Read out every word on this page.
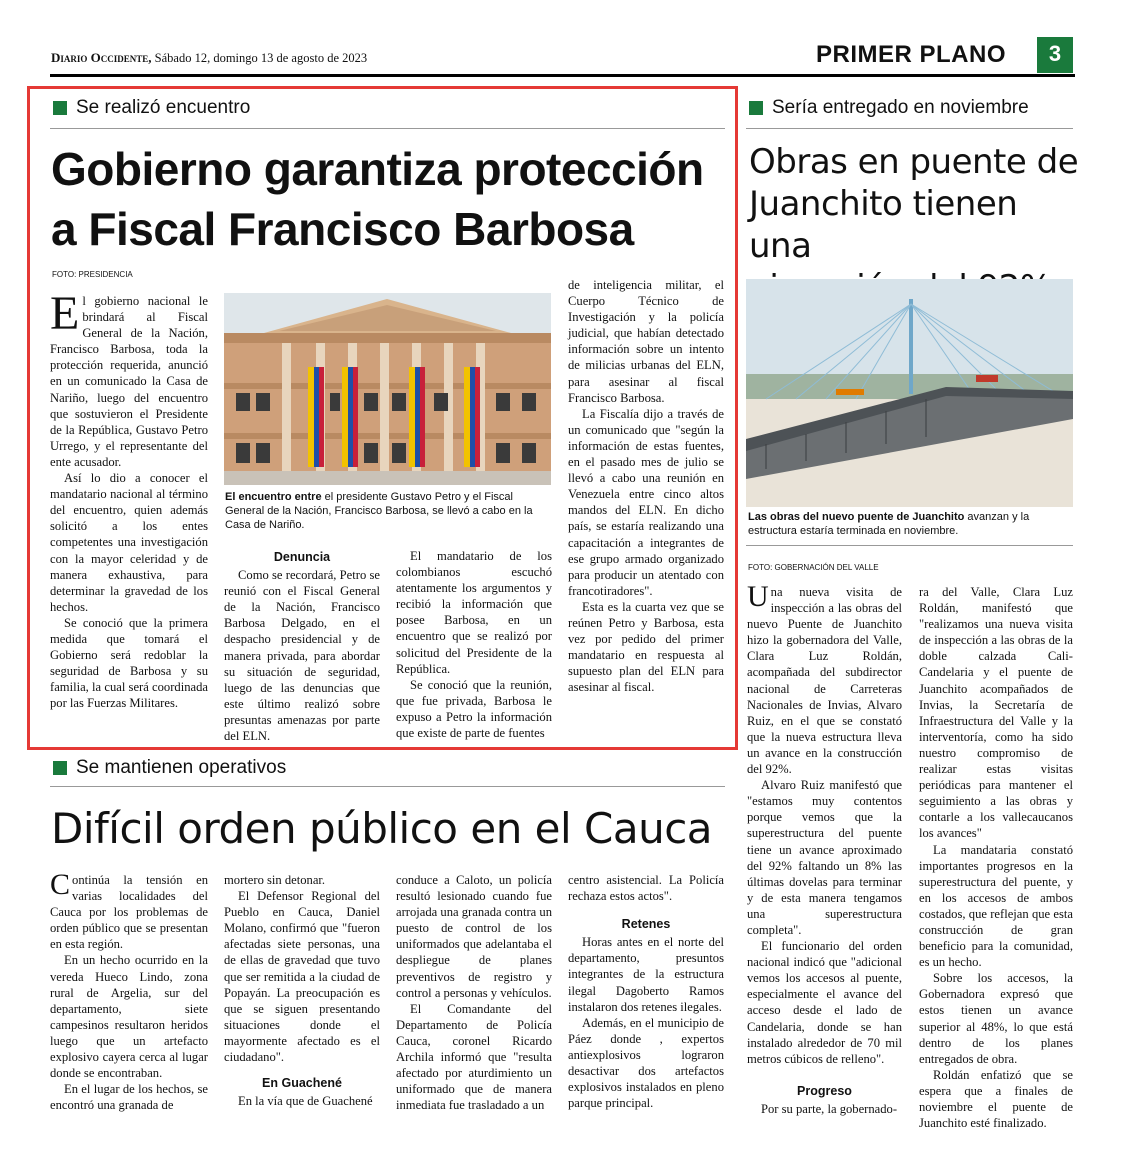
Diario Occidente, Sábado 12, domingo 13 de agosto de 2023	PRIMER PLANO	3
Se realizó encuentro
Gobierno garantiza protección
a Fiscal Francisco Barbosa
FOTO: PRESIDENCIA

El gobierno nacional le brindará al Fiscal General de la Nación, Francisco Barbosa, toda la protección requerida, anunció en un comunicado la Casa de Nariño, luego del encuentro que sostuvieron el Presidente de la República, Gustavo Petro Urrego, y el representante del ente acusador.

Así lo dio a conocer el mandatario nacional al término del encuentro, quien además solicitó a los entes competentes una investigación con la mayor celeridad y de manera exhaustiva, para determinar la gravedad de los hechos.

Se conoció que la primera medida que tomará el Gobierno será redoblar la seguridad de Barbosa y su familia, la cual será coordinada por las Fuerzas Militares.

El encuentro entre el presidente Gustavo Petro y el Fiscal General de la Nación, Francisco Barbosa, se llevó a cabo en la Casa de Nariño.
Denuncia

Como se recordará, Petro se reunió con el Fiscal General de la Nación, Francisco Barbosa Delgado, en el despacho presidencial y de manera privada, para abordar su situación de seguridad, luego de las denuncias que este último realizó sobre presuntas amenazas por parte del ELN.

El mandatario de los colombianos escuchó atentamente los argumentos y recibió la información que posee Barbosa, en un encuentro que se realizó por solicitud del Presidente de la República.

Se conoció que la reunión, que fue privada, Barbosa le expuso a Petro la información que existe de parte de fuentes

de inteligencia militar, el Cuerpo Técnico de Investigación y la policía judicial, que habían detectado información sobre un intento de milicias urbanas del ELN, para asesinar al fiscal Francisco Barbosa.

La Fiscalía dijo a través de un comunicado que "según la información de estas fuentes, en el pasado mes de julio se llevó a cabo una reunión en Venezuela entre cinco altos mandos del ELN. En dicho país, se estaría realizando una capacitación a integrantes de ese grupo armado organizado para producir un atentado con francotiradores".

Esta es la cuarta vez que se reúnen Petro y Barbosa, esta vez por pedido del primer mandatario en respuesta al supuesto plan del ELN para asesinar al fiscal.

Sería entregado en noviembre
Obras en puente de
Juanchito tienen una
Las obras del nuevo puente de Juanchito avanzan y la estructura estaría terminada en noviembre.
FOTO: GOBERNACIÓN DEL VALLE

Una nueva visita de inspección a las obras del nuevo Puente de Juanchito hizo la gobernadora del Valle, Clara Luz Roldán, acompañada del subdirector nacional de Carreteras Nacionales de Invias, Alvaro Ruiz, en el que se constató que la nueva estructura lleva un avance en la construcción del 92%.

Alvaro Ruiz manifestó que "estamos muy contentos porque vemos que la superestructura del puente tiene un avance aproximado del 92% faltando un 8% las últimas dovelas para terminar y de esta manera tengamos una superestructura completa".

El funcionario del orden nacional indicó que "adicional vemos los accesos al puente, especialmente el avance del acceso desde el lado de Candelaria, donde se han instalado alrededor de 70 mil metros cúbicos de relleno".

Progreso

Por su parte, la gobernado-

ra del Valle, Clara Luz Roldán, manifestó que "realizamos una nueva visita de inspección a las obras de la doble calzada Cali- Candelaria y el puente de Juanchito acompañados de Invias, la Secretaría de Infraestructura del Valle y la interventoría, como ha sido nuestro compromiso de realizar estas visitas periódicas para mantener el seguimiento a las obras y contarle a los vallecaucanos los avances"

La mandataria constató importantes progresos en la superestructura del puente, y en los accesos de ambos costados, que reflejan que esta construcción de gran beneficio para la comunidad, es un hecho.

Sobre los accesos, la Gobernadora expresó que estos tienen un avance superior al 48%, lo que está dentro de los planes entregados de obra.

Roldán enfatizó que se espera que a finales de noviembre el puente de Juanchito esté finalizado.

Se mantienen operativos
Difícil orden público en el Cauca

Continúa la tensión en varias localidades del Cauca por los problemas de orden público que se presentan en esta región.

En un hecho ocurrido en la vereda Hueco Lindo, zona rural de Argelia, sur del departamento, siete campesinos resultaron heridos luego que un artefacto explosivo cayera cerca al lugar donde se encontraban.

En el lugar de los hechos, se encontró una granada de

mortero sin detonar.

El Defensor Regional del Pueblo en Cauca, Daniel Molano, confirmó que "fueron afectadas siete personas, una de ellas de gravedad que tuvo que ser remitida a la ciudad de Popayán. La preocupación es que se siguen presentando situaciones donde el mayormente afectado es el ciudadano".

En Guachené

En la vía que de Guachené

conduce a Caloto, un policía resultó lesionado cuando fue arrojada una granada contra un puesto de control de los uniformados que adelantaba el despliegue de planes preventivos de registro y control a personas y vehículos.

El Comandante del Departamento de Policía Cauca, coronel Ricardo Archila informó que "resulta afectado por aturdimiento un uniformado que de manera inmediata fue trasladado a un

centro asistencial. La Policía rechaza estos actos".

Retenes

Horas antes en el norte del departamento, presuntos integrantes de la estructura ilegal Dagoberto Ramos instalaron dos retenes ilegales.

Además, en el municipio de Páez donde , expertos antiexplosivos lograron desactivar dos artefactos explosivos instalados en pleno parque principal.
